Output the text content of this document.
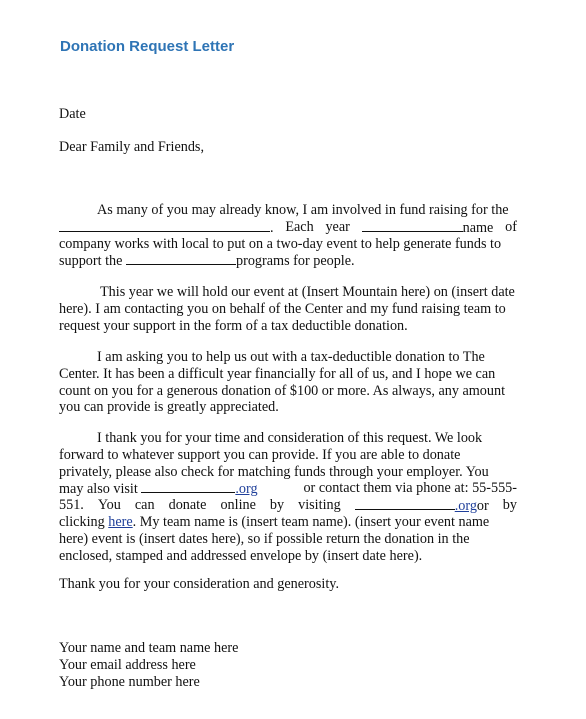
Donation Request Letter
Date
Dear Family and Friends,
As many of you may already know, I am involved in fund raising for the
. Each year	name of
company works with local to put on a two-day event to help generate funds to
support the	programs for people.
This year we will hold our event at (Insert Mountain here) on (insert date
here). I am contacting you on behalf of the Center and my fund raising team to
request your support in the form of a tax deductible donation.
I am asking you to help us out with a tax-deductible donation to The
Center. It has been a difficult year financially for all of us, and I hope we can
count on you for a generous donation of $100 or more. As always, any amount
you can provide is greatly appreciated.
I thank you for your time and consideration of this request. We look
forward to whatever support you can provide. If you are able to donate
privately, please also check for matching funds through your employer. You
may also visit	.org	or contact them via phone at: 55-555-
551. You can donate online by visiting	.orgor by
clicking here. My team name is (insert team name). (insert your event name
here) event is (insert dates here), so if possible return the donation in the
enclosed, stamped and addressed envelope by (insert date here).
Thank you for your consideration and generosity.
Your name and team name here
Your email address here
Your phone number here
